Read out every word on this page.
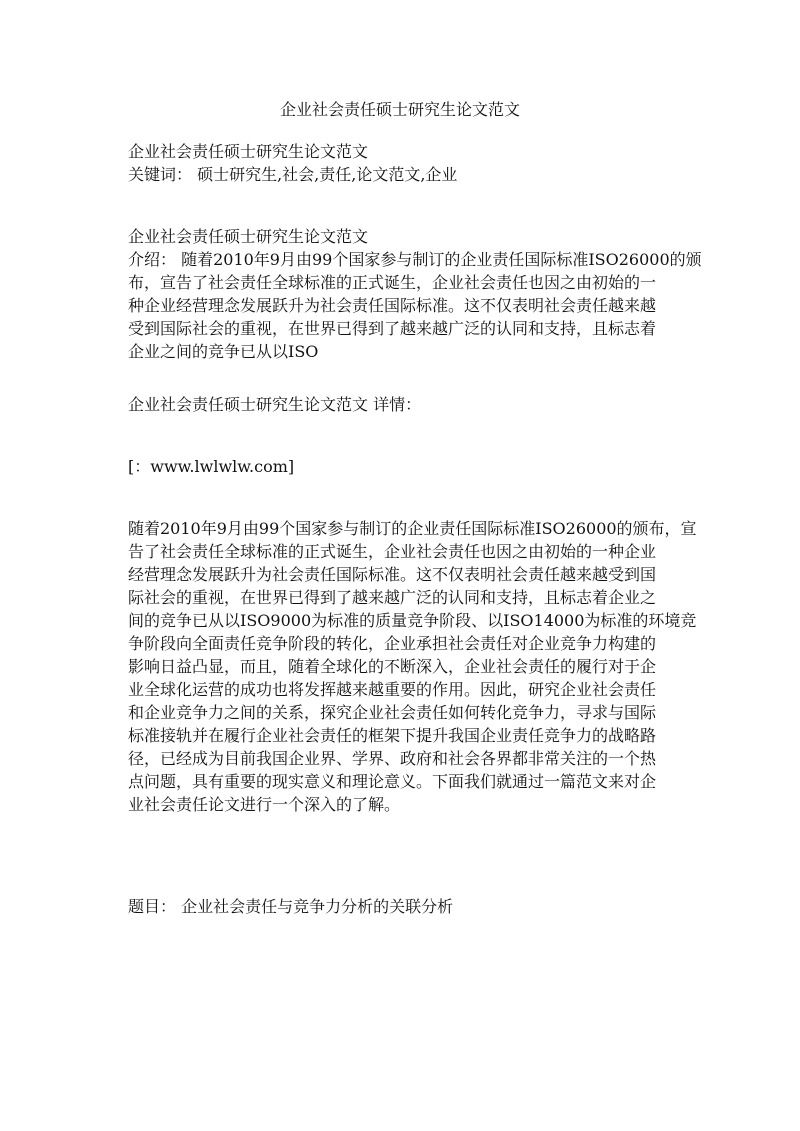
企业社会责任硕士研究生论文范文
企业社会责任硕士研究生论文范文
关键词： 硕士研究生,社会,责任,论文范文,企业
企业社会责任硕士研究生论文范文
介绍： 随着2010年9月由99个国家参与制订的企业责任国际标准ISO26000的颁
布，宣告了社会责任全球标准的正式诞生，企业社会责任也因之由初始的一
种企业经营理念发展跃升为社会责任国际标准。这不仅表明社会责任越来越
受到国际社会的重视，在世界已得到了越来越广泛的认同和支持，且标志着
企业之间的竞争已从以ISO
企业社会责任硕士研究生论文范文 详情：
[：www.lwlwlw.com]
随着2010年9月由99个国家参与制订的企业责任国际标准ISO26000的颁布，宣
告了社会责任全球标准的正式诞生，企业社会责任也因之由初始的一种企业
经营理念发展跃升为社会责任国际标准。这不仅表明社会责任越来越受到国
际社会的重视，在世界已得到了越来越广泛的认同和支持，且标志着企业之
间的竞争已从以ISO9000为标准的质量竞争阶段、以ISO14000为标准的环境竞
争阶段向全面责任竞争阶段的转化，企业承担社会责任对企业竞争力构建的
影响日益凸显，而且，随着全球化的不断深入，企业社会责任的履行对于企
业全球化运营的成功也将发挥越来越重要的作用。因此，研究企业社会责任
和企业竞争力之间的关系，探究企业社会责任如何转化竞争力，寻求与国际
标准接轨并在履行企业社会责任的框架下提升我国企业责任竞争力的战略路
径，已经成为目前我国企业界、学界、政府和社会各界都非常关注的一个热
点问题，具有重要的现实意义和理论意义。下面我们就通过一篇范文来对企
业社会责任论文进行一个深入的了解。
题目： 企业社会责任与竞争力分析的关联分析
